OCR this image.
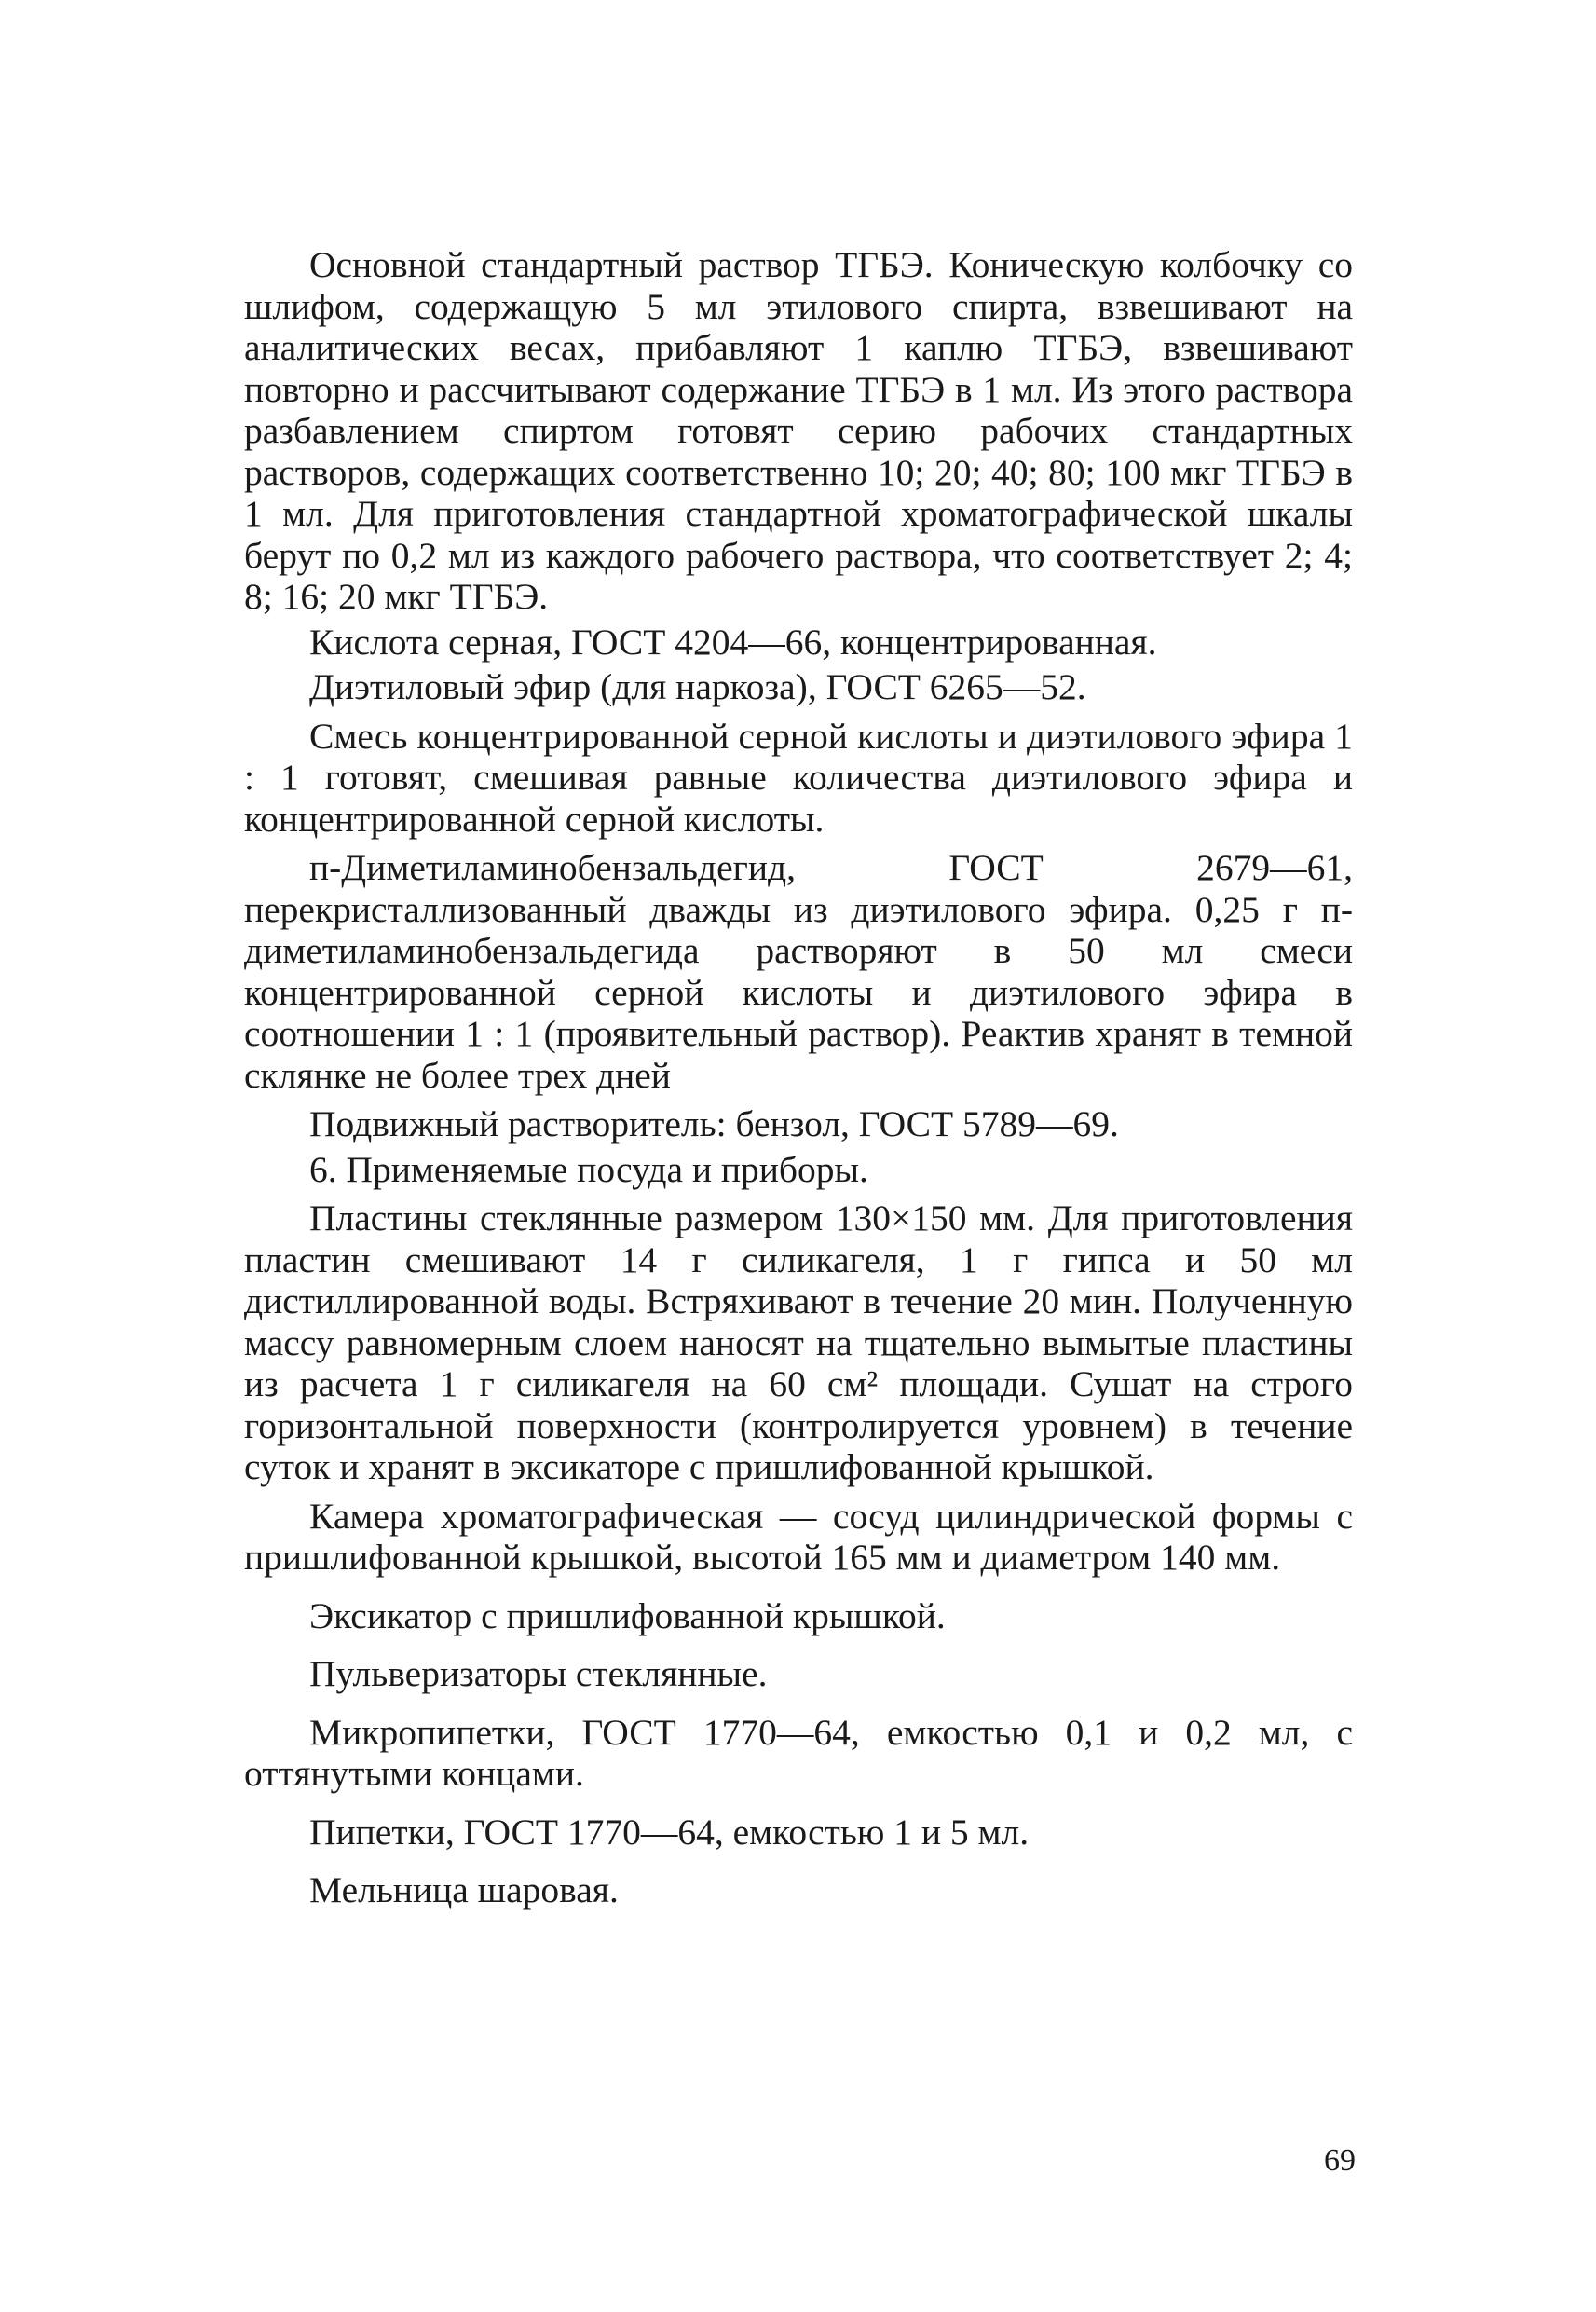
Основной стандартный раствор ТГБЭ. Коническую колбочку со шлифом, содержащую 5 мл этилового спирта, взвешивают на аналитических весах, прибавляют 1 каплю ТГБЭ, взвешивают повторно и рассчитывают содержание ТГБЭ в 1 мл. Из этого раствора разбавлением спиртом готовят серию рабочих стандартных растворов, содержащих соответственно 10; 20; 40; 80; 100 мкг ТГБЭ в 1 мл. Для приготовления стандартной хроматографической шкалы берут по 0,2 мл из каждого рабочего раствора, что соответствует 2; 4; 8; 16; 20 мкг ТГБЭ.

Кислота серная, ГОСТ 4204—66, концентрированная.

Диэтиловый эфир (для наркоза), ГОСТ 6265—52.

Смесь концентрированной серной кислоты и диэтилового эфира 1 : 1 готовят, смешивая равные количества диэтилового эфира и концентрированной серной кислоты.

п-Диметиламинобензальдегид, ГОСТ 2679—61, перекристаллизованный дважды из диэтилового эфира. 0,25 г п-диметиламинобензальдегида растворяют в 50 мл смеси концентрированной серной кислоты и диэтилового эфира в соотношении 1 : 1 (проявительный раствор). Реактив хранят в темной склянке не более трех дней

Подвижный растворитель: бензол, ГОСТ 5789—69.

6. Применяемые посуда и приборы.

Пластины стеклянные размером 130×150 мм. Для приготовления пластин смешивают 14 г силикагеля, 1 г гипса и 50 мл дистиллированной воды. Встряхивают в течение 20 мин. Полученную массу равномерным слоем наносят на тщательно вымытые пластины из расчета 1 г силикагеля на 60 см² площади. Сушат на строго горизонтальной поверхности (контролируется уровнем) в течение суток и хранят в эксикаторе с пришлифованной крышкой.

Камера хроматографическая — сосуд цилиндрической формы с пришлифованной крышкой, высотой 165 мм и диаметром 140 мм.

Эксикатор с пришлифованной крышкой.

Пульверизаторы стеклянные.

Микропипетки, ГОСТ 1770—64, емкостью 0,1 и 0,2 мл, с оттянутыми концами.

Пипетки, ГОСТ 1770—64, емкостью 1 и 5 мл.

Мельница шаровая.

69
